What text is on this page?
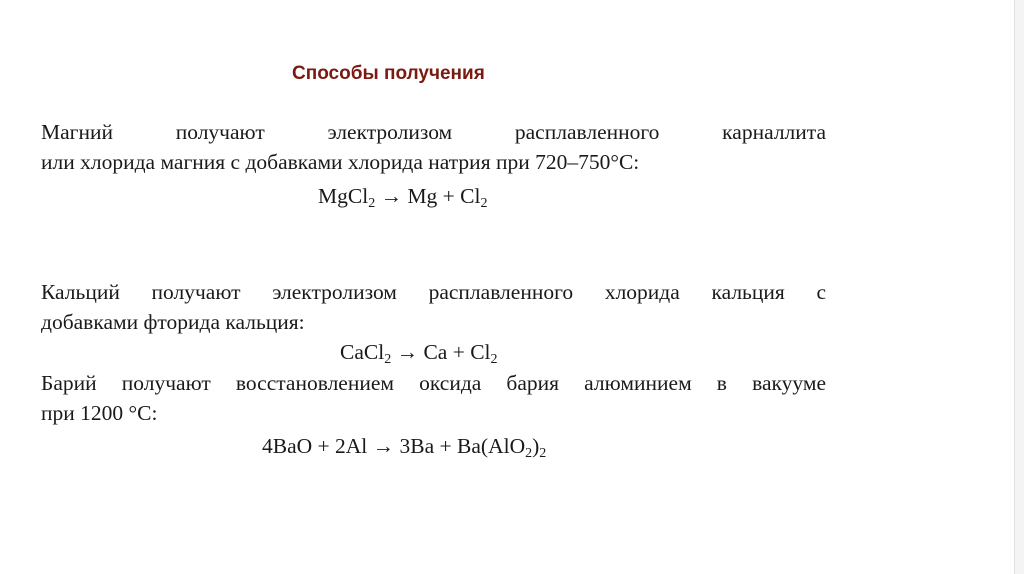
Способы получения
Магний получают электролизом расплавленного карналлита
или хлорида магния с добавками хлорида натрия при 720–750°C:
MgCl$_2$ → $Mg + Cl_2$
Кальций получают электролизом расплавленного хлорида кальция с
добавками фторида кальция:
CaCl$_2$ → $Ca + Cl_2$
Барий получают восстановлением оксида бария алюминием в вакууме
при 1200 °C:
$4BaO + 2Al \to 3Ba + Ba(AlO_2)_2$
